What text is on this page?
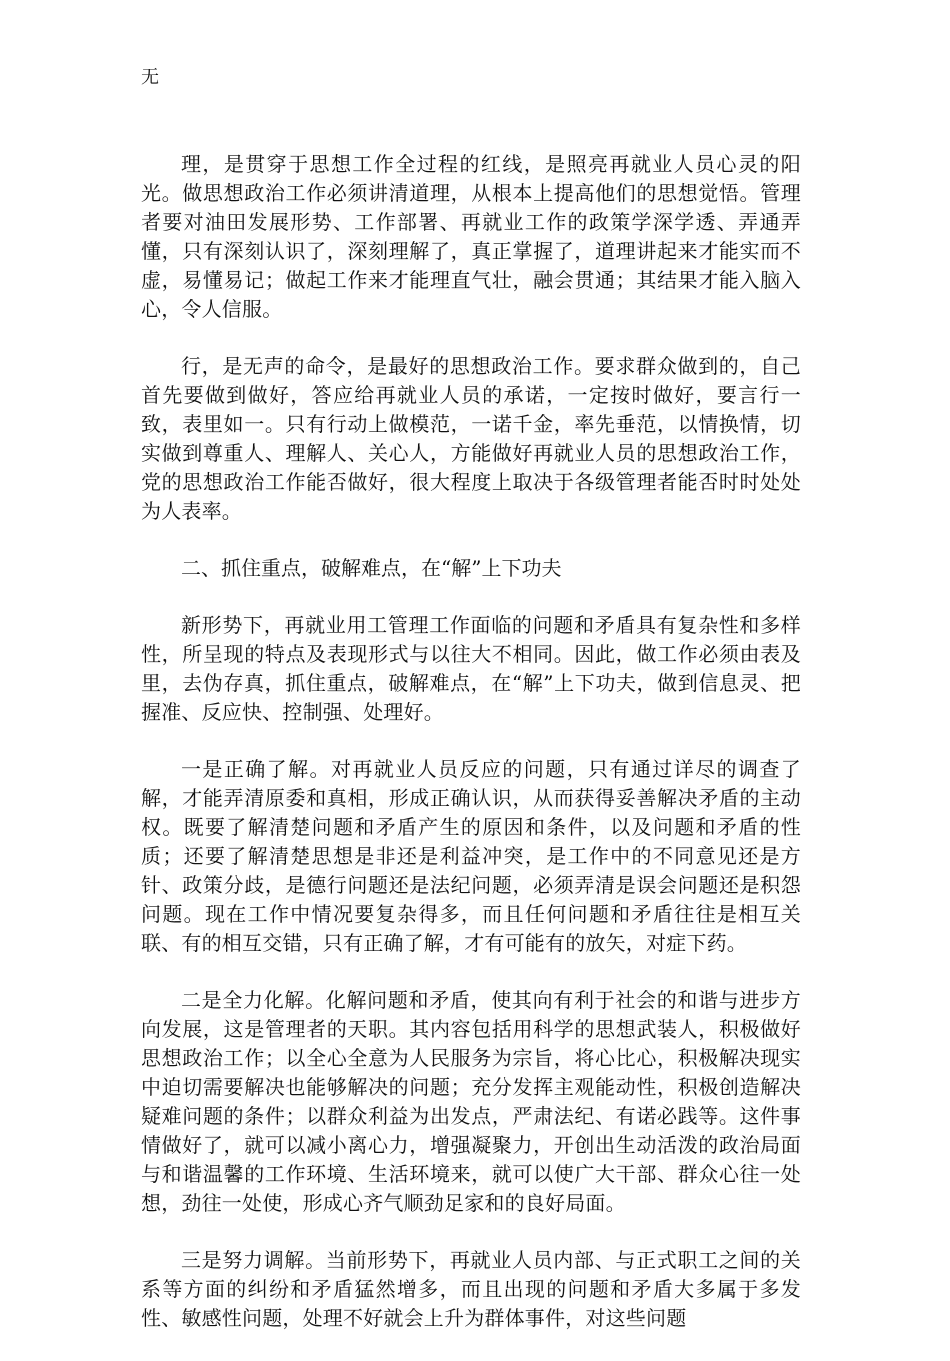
无

理，是贯穿于思想工作全过程的红线，是照亮再就业人员心灵的阳光。做思想政治工作必须讲清道理，从根本上提高他们的思想觉悟。管理者要对油田发展形势、工作部署、再就业工作的政策学深学透、弄通弄懂，只有深刻认识了，深刻理解了，真正掌握了，道理讲起来才能实而不虚，易懂易记；做起工作来才能理直气壮，融会贯通；其结果才能入脑入心，令人信服。

行，是无声的命令，是最好的思想政治工作。要求群众做到的，自己首先要做到做好，答应给再就业人员的承诺，一定按时做好，要言行一致，表里如一。只有行动上做模范，一诺千金，率先垂范，以情换情，切实做到尊重人、理解人、关心人，方能做好再就业人员的思想政治工作，党的思想政治工作能否做好，很大程度上取决于各级管理者能否时时处处为人表率。

二、抓住重点，破解难点，在“解”上下功夫

新形势下，再就业用工管理工作面临的问题和矛盾具有复杂性和多样性，所呈现的特点及表现形式与以往大不相同。因此，做工作必须由表及里，去伪存真，抓住重点，破解难点，在“解”上下功夫，做到信息灵、把握准、反应快、控制强、处理好。

一是正确了解。对再就业人员反应的问题，只有通过详尽的调查了解，才能弄清原委和真相，形成正确认识，从而获得妥善解决矛盾的主动权。既要了解清楚问题和矛盾产生的原因和条件，以及问题和矛盾的性质；还要了解清楚思想是非还是利益冲突，是工作中的不同意见还是方针、政策分歧，是德行问题还是法纪问题，必须弄清是误会问题还是积怨问题。现在工作中情况要复杂得多，而且任何问题和矛盾往往是相互关联、有的相互交错，只有正确了解，才有可能有的放矢，对症下药。

二是全力化解。化解问题和矛盾，使其向有利于社会的和谐与进步方向发展，这是管理者的天职。其内容包括用科学的思想武装人，积极做好思想政治工作；以全心全意为人民服务为宗旨，将心比心，积极解决现实中迫切需要解决也能够解决的问题；充分发挥主观能动性，积极创造解决疑难问题的条件；以群众利益为出发点，严肃法纪、有诺必践等。这件事情做好了，就可以减小离心力，增强凝聚力，开创出生动活泼的政治局面与和谐温馨的工作环境、生活环境来，就可以使广大干部、群众心往一处想，劲往一处使，形成心齐气顺劲足家和的良好局面。

三是努力调解。当前形势下，再就业人员内部、与正式职工之间的关系等方面的纠纷和矛盾猛然增多，而且出现的问题和矛盾大多属于多发性、敏感性问题，处理不好就会上升为群体事件，对这些问题
